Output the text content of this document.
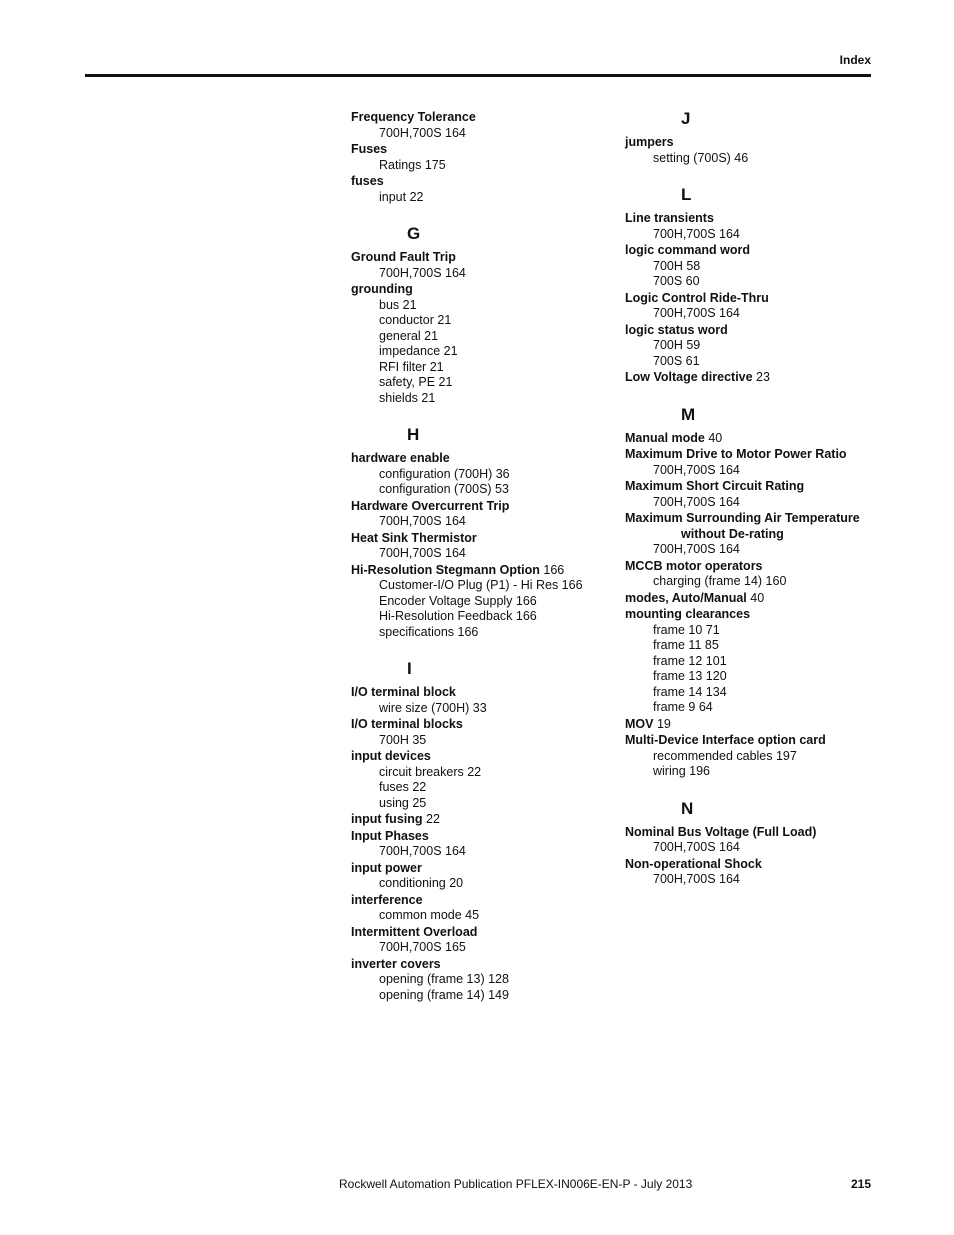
Index
Frequency Tolerance
700H,700S 164
Fuses
Ratings 175
fuses
input 22
G
Ground Fault Trip
700H,700S 164
grounding
bus 21
conductor 21
general 21
impedance 21
RFI filter 21
safety, PE 21
shields 21
H
hardware enable
configuration (700H) 36
configuration (700S) 53
Hardware Overcurrent Trip
700H,700S 164
Heat Sink Thermistor
700H,700S 164
Hi-Resolution Stegmann Option 166
Customer-I/O Plug (P1) - Hi Res 166
Encoder Voltage Supply 166
Hi-Resolution Feedback 166
specifications 166
I
I/O terminal block
wire size (700H) 33
I/O terminal blocks
700H 35
input devices
circuit breakers 22
fuses 22
using 25
input fusing 22
Input Phases
700H,700S 164
input power
conditioning 20
interference
common mode 45
Intermittent Overload
700H,700S 165
inverter covers
opening (frame 13) 128
opening (frame 14) 149
J
jumpers
setting (700S) 46
L
Line transients
700H,700S 164
logic command word
700H 58
700S 60
Logic Control Ride-Thru
700H,700S 164
logic status word
700H 59
700S 61
Low Voltage directive 23
M
Manual mode 40
Maximum Drive to Motor Power Ratio
700H,700S 164
Maximum Short Circuit Rating
700H,700S 164
Maximum Surrounding Air Temperature
without De-rating
700H,700S 164
MCCB motor operators
charging (frame 14) 160
modes, Auto/Manual 40
mounting clearances
frame 10 71
frame 11 85
frame 12 101
frame 13 120
frame 14 134
frame 9 64
MOV 19
Multi-Device Interface option card
recommended cables 197
wiring 196
N
Nominal Bus Voltage (Full Load)
700H,700S 164
Non-operational Shock
700H,700S 164
Rockwell Automation Publication PFLEX-IN006E-EN-P - July 2013	215
